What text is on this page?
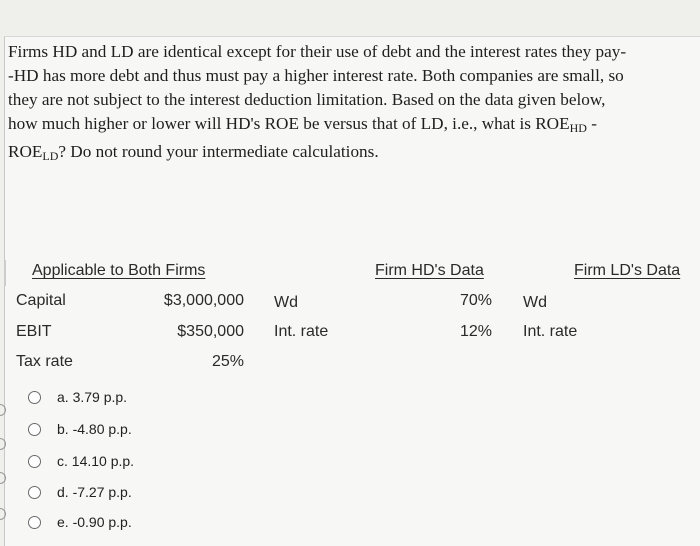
Firms HD and LD are identical except for their use of debt and the interest rates they pay-
-HD has more debt and thus must pay a higher interest rate. Both companies are small, so
they are not subject to the interest deduction limitation. Based on the data given below,
how much higher or lower will HD's ROE be versus that of LD, i.e., what is $ROE_{HD}$ -
$ROE_{LD}$? Do not round your intermediate calculations.
Applicable to Both Firms	Firm HD's Data	Firm LD's Data
Capital	$3,000,000 Wd	70% Wd
EBIT	$350,000 Int. rate	12% Int. rate
Tax rate	25%
a. 3.79 p.p.
b. -4.80 p.p.
c. 14.10 p.p.
d. -7.27 p.p.
e. -0.90 p.p.
